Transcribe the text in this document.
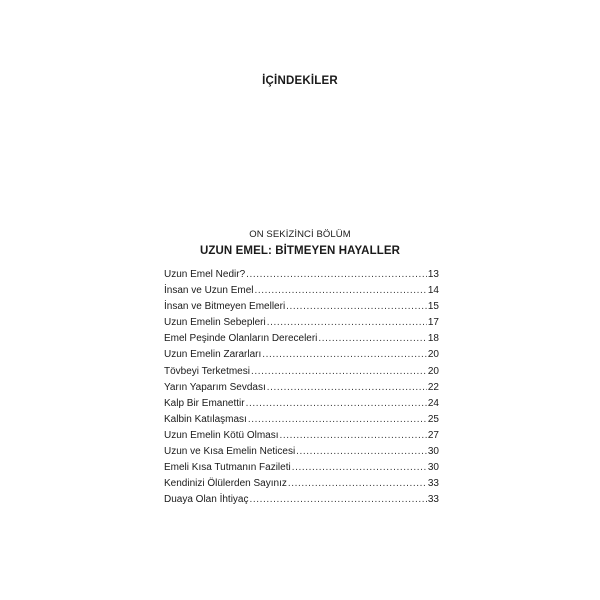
İÇİNDEKİLER
ON SEKİZİNCİ BÖLÜM
UZUN EMEL: BİTMEYEN HAYALLER
Uzun Emel Nedir? .....	13
İnsan ve Uzun Emel .....	14
İnsan ve Bitmeyen Emelleri .....	15
Uzun Emelin Sebepleri .....	17
Emel Peşinde Olanların Dereceleri .....	18
Uzun Emelin Zararları .....	20
Tövbeyi Terketmesi .....	20
Yarın Yaparım Sevdası .....	22
Kalp Bir Emanettir .....	24
Kalbin Katılaşması .....	25
Uzun Emelin Kötü Olması .....	27
Uzun ve Kısa Emelin Neticesi .....	30
Emeli Kısa Tutmanın Fazileti .....	30
Kendinizi Ölülerden Sayınız .....	33
Duaya Olan İhtiyaç .....	33
